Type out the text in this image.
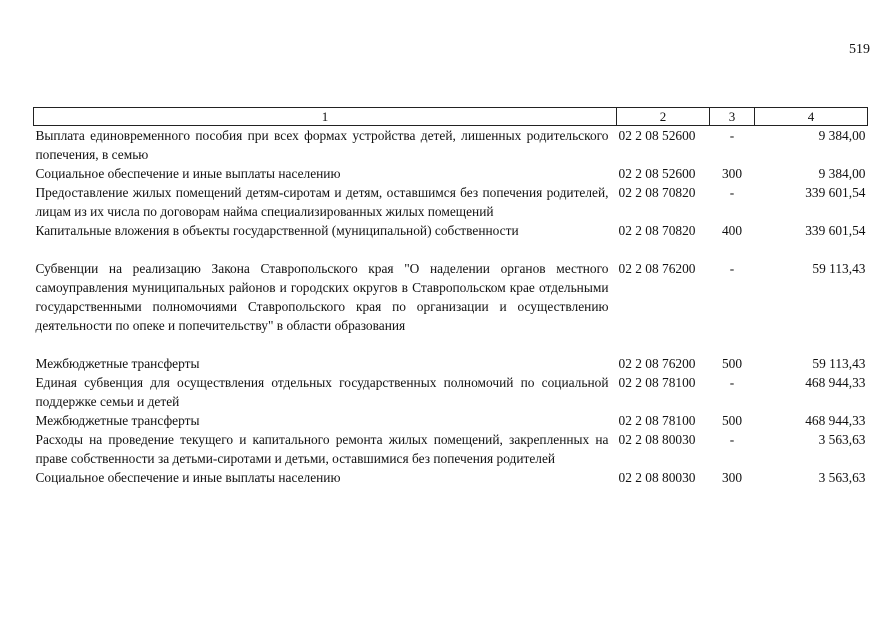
519
1	2	3	4
Выплата единовременного пособия при всех формах устройства детей, лишенных родительского попечения, в семью	02 2 08 52600	-	9 384,00
Социальное обеспечение и иные выплаты населению	02 2 08 52600	300	9 384,00
Предоставление жилых помещений детям-сиротам и детям, оставшимся без попечения родителей, лицам из их числа по договорам найма специализированных жилых помещений	02 2 08 70820	-	339 601,54
Капитальные вложения в объекты государственной (муниципальной) собственности	02 2 08 70820	400	339 601,54
Субвенции на реализацию Закона Ставропольского края "О наделении органов местного самоуправления муниципальных районов и городских округов в Ставропольском крае отдельными государственными полномочиями Ставропольского края по организации и осуществлению деятельности по опеке и попечительству" в области образования	02 2 08 76200	-	59 113,43
Межбюджетные трансферты	02 2 08 76200	500	59 113,43
Единая субвенция для осуществления отдельных государственных полномочий по социальной поддержке семьи и детей	02 2 08 78100	-	468 944,33
Межбюджетные трансферты	02 2 08 78100	500	468 944,33
Расходы на проведение текущего и капитального ремонта жилых помещений, закрепленных на праве собственности за детьми-сиротами и детьми, оставшимися без попечения родителей	02 2 08 80030	-	3 563,63
Социальное обеспечение и иные выплаты населению	02 2 08 80030	300	3 563,63
